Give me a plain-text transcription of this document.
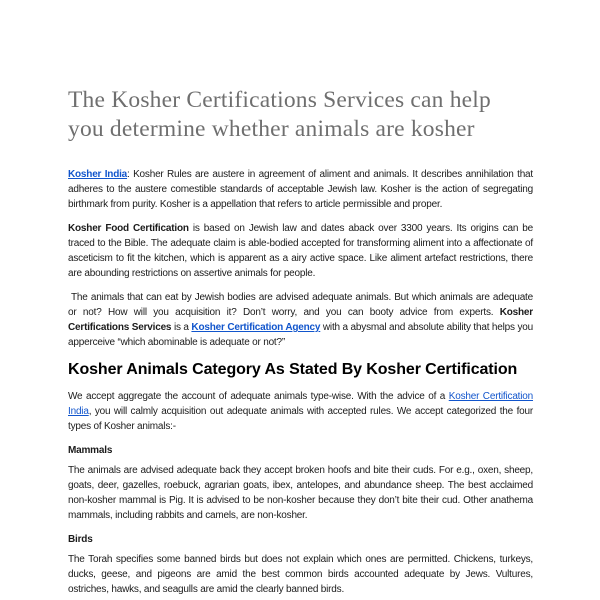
The Kosher Certifications Services can help
you determine whether animals are kosher

Kosher India: Kosher Rules are austere in agreement of aliment and animals. It describes annihilation that adheres to the austere comestible standards of acceptable Jewish law. Kosher is the action of segregating birthmark from purity. Kosher is a appellation that refers to article permissible and proper.

Kosher Food Certification is based on Jewish law and dates aback over 3300 years. Its origins can be traced to the Bible. The adequate claim is able-bodied accepted for transforming aliment into a affectionate of asceticism to fit the kitchen, which is apparent as a airy active space. Like aliment artefact restrictions, there are abounding restrictions on assertive animals for people.

The animals that can eat by Jewish bodies are advised adequate animals. But which animals are adequate or not? How will you acquisition it? Don’t worry, and you can booty advice from experts. Kosher Certifications Services is a Kosher Certification Agency with a abysmal and absolute ability that helps you apperceive “which abominable is adequate or not?”

Kosher Animals Category As Stated By Kosher Certification

We accept aggregate the account of adequate animals type-wise. With the advice of a Kosher Certification India, you will calmly acquisition out adequate animals with accepted rules. We accept categorized the four types of Kosher animals:-

Mammals

The animals are advised adequate back they accept broken hoofs and bite their cuds. For e.g., oxen, sheep, goats, deer, gazelles, roebuck, agrarian goats, ibex, antelopes, and abundance sheep. The best acclaimed non-kosher mammal is Pig. It is advised to be non-kosher because they don’t bite their cud. Other anathema mammals, including rabbits and camels, are non-kosher.

Birds

The Torah specifies some banned birds but does not explain which ones are permitted. Chickens, turkeys, ducks, geese, and pigeons are amid the best common birds accounted adequate by Jews. Vultures, ostriches, hawks, and seagulls are amid the clearly banned birds.
